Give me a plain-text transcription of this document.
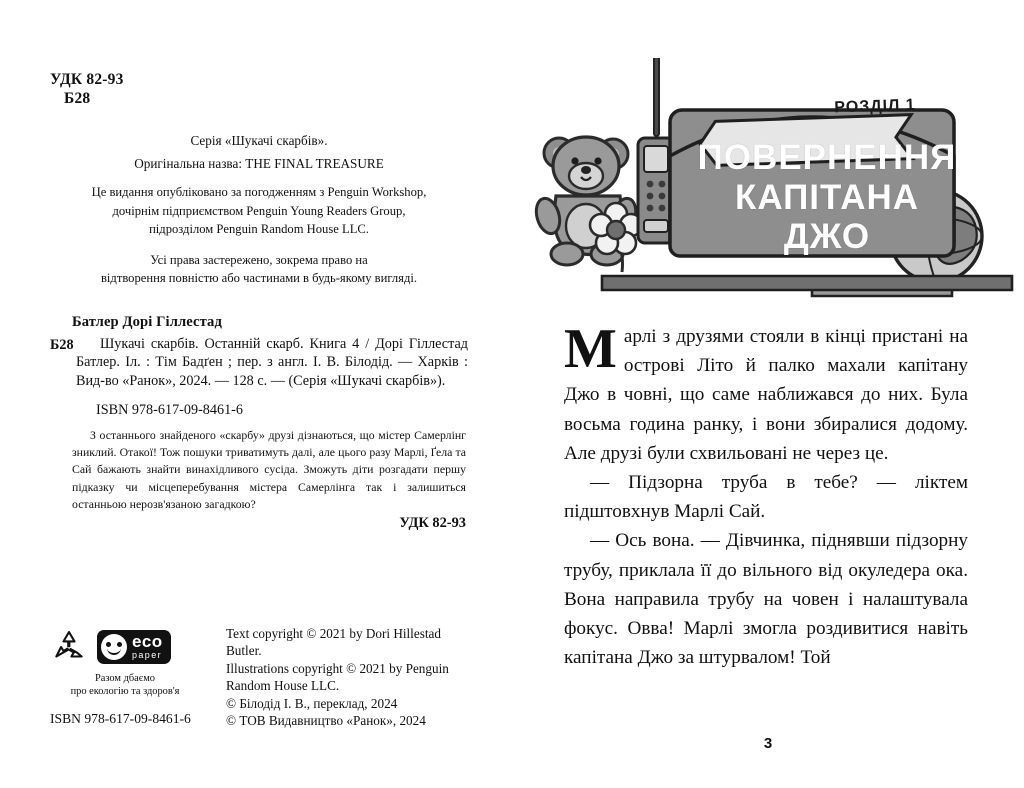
УДК 82-93
Б28
Серія «Шукачі скарбів».
Оригінальна назва: THE FINAL TREASURE
Це видання опубліковано за погодженням з Penguin Workshop,
дочірнім підприємством Penguin Young Readers Group,
підрозділом Penguin Random House LLC.
Усі права застережено, зокрема право на
відтворення повністю або частинами в будь-якому вигляді.
Батлер Дорі Гіллестад
Б28	Шукачі скарбів. Останній скарб. Книга 4 / Дорі Гіллестад Батлер. Іл. : Тім Бадґен ; пер. з англ. І. В. Білодід. — Харків : Вид-во «Ранок», 2024. — 128 с. — (Серія «Шукачі скарбів»).
ISBN 978-617-09-8461-6
З останнього знайденого «скарбу» друзі дізнаються, що містер Самерлінг зниклий. Отакої! Тож пошуки триватимуть далі, але цього разу Марлі, Ґела та Сай бажають знайти винахідливого сусіда. Зможуть діти розгадати першу підказку чи місцеперебування містера Самерлінга так і залишиться останньою нерозв'язаною загадкою?
УДК 82-93
eco
paper
Разом дбаємо
про екологію та здоров'я
ISBN 978-617-09-8461-6
Text copyright © 2021 by Dori Hillestad Butler.
Illustrations copyright © 2021 by Penguin
Random House LLC.
© Білодід І. В., переклад, 2024
© ТОВ Видавництво «Ранок», 2024
РОЗДІЛ 1
ПОВЕРНЕННЯ
КАПІТАНА
ДЖО

Марлі з друзями стояли в кінці пристані на острові Літо й палко махали капітану Джо в човні, що саме наближався до них. Була восьма година ранку, і вони збиралися додому. Але друзі були схвильовані не через це.

— Підзорна труба в тебе? — ліктем підштовхнув Марлі Сай.

— Ось вона. — Дівчинка, піднявши підзорну трубу, приклала її до вільного від окуледера ока. Вона направила трубу на човен і налаштувала фокус. Овва! Марлі змогла роздивитися навіть капітана Джо за штурвалом! Той

3
